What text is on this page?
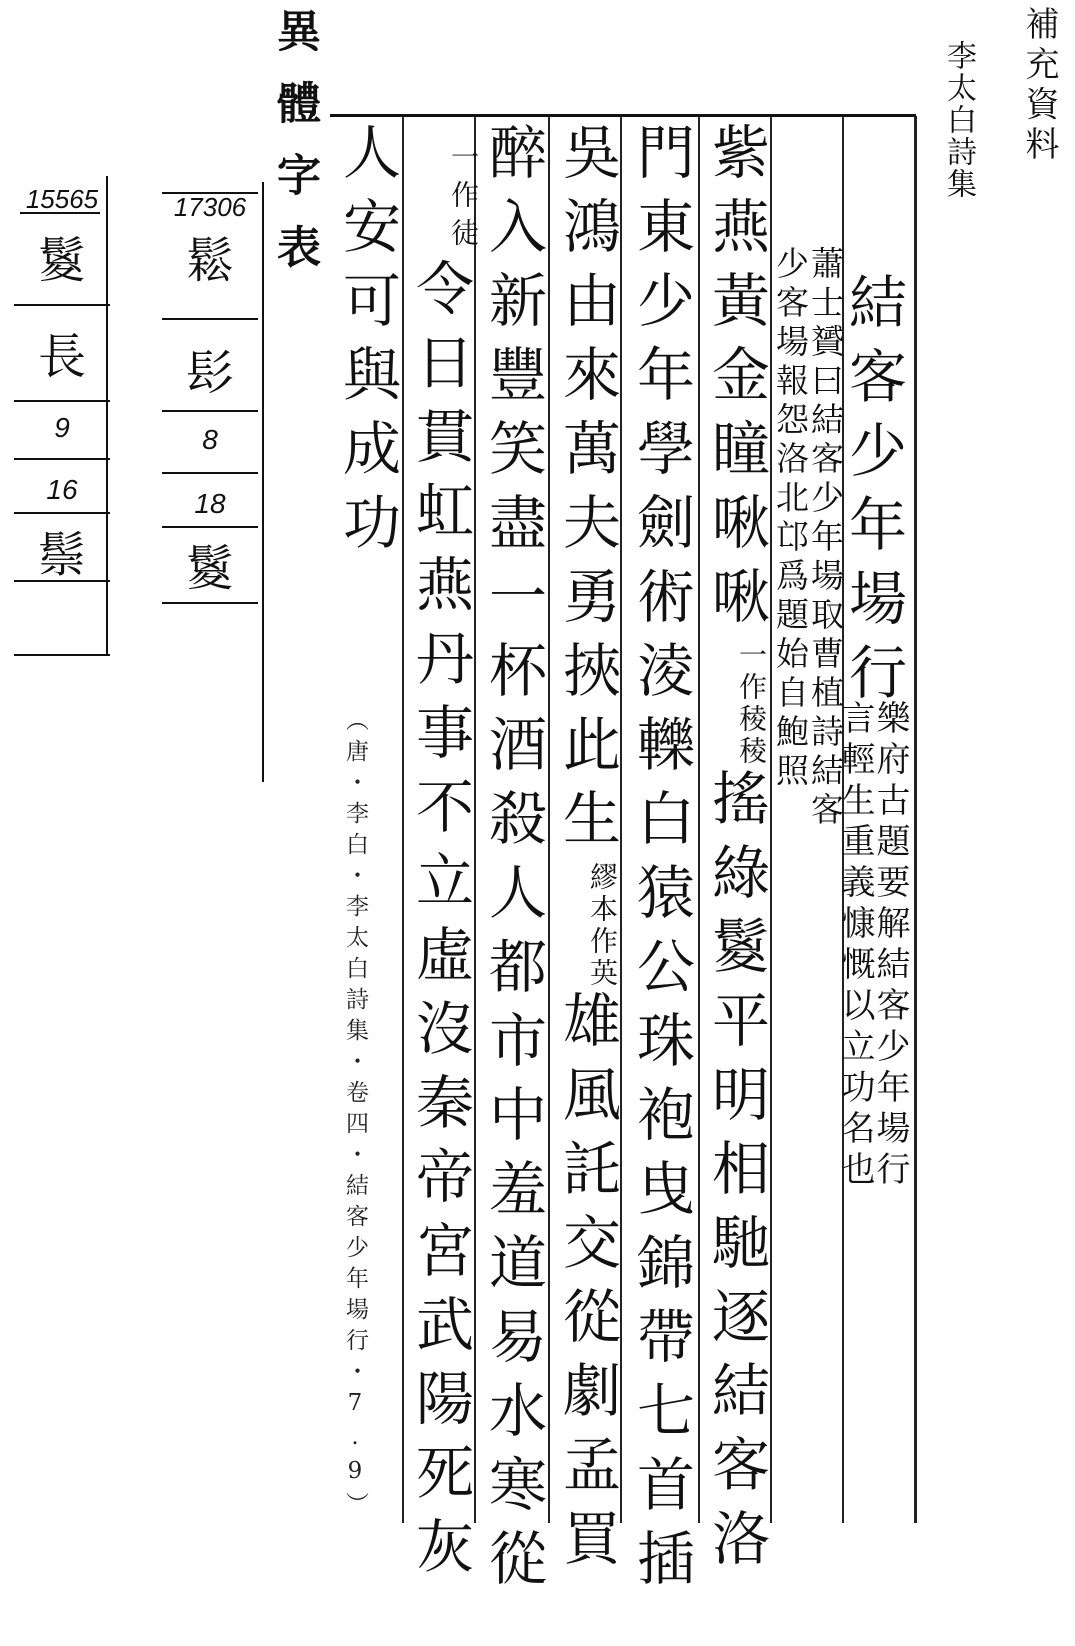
補充資料
李太白詩集
異體字表
結客少年場行
樂府古題要解結客少年場行
言輕生重義慷慨以立功名也
蕭士贇曰結客少年場取曹植詩結客
少客場報怨洛北邙爲題始自鮑照
紫燕黃金瞳啾啾一作稜稜搖綠鬉平明相馳逐結客洛
門東少年學劍術淩轢白猿公珠袍曳錦帶七首插
吳鴻由來萬夫勇挾此生繆本作英雄風託交從劇孟買
醉入新豐笑盡一杯酒殺人都市中羞道易水寒從
一作徒
令日貫虹燕丹事不立虛沒秦帝宮武陽死灰
人安可與成功
（唐・李白・李太白詩集・卷四・結客少年場行・7.9）
17306
鬆
髟
8
18
鬉
15565
鬉
長
9
16
鬃
